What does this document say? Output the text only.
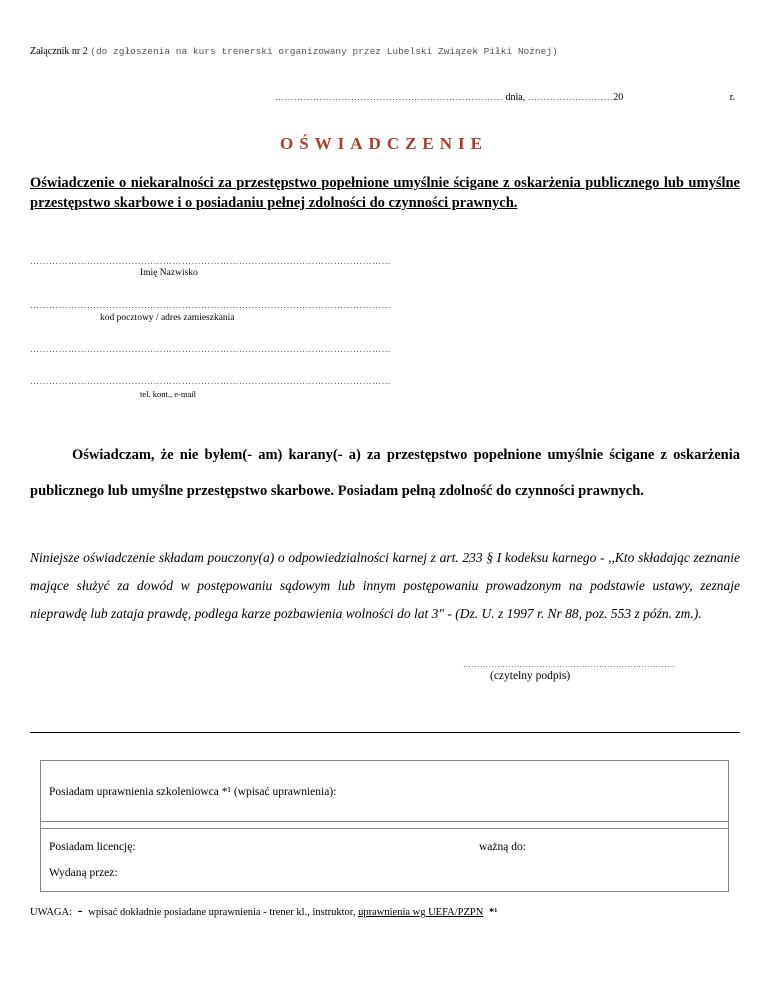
Załącznik nr 2 (do zgłoszenia na kurs trenerski organizowany przez Lubelski Związek Piłki Nożnej)
……………………………………………………………… dnia, ………………………20	r.
OŚWIADCZENIE
Oświadczenie o niekaralności za przestępstwo popełnione umyślnie ścigane z oskarżenia publicznego lub umyślne przestępstwo skarbowe i o posiadaniu pełnej zdolności do czynności prawnych.
……………………………………………………………………………………………………
Imię Nazwisko
……………………………………………………………………………………………………
kod pocztowy / adres zamieszkania
……………………………………………………………………………………………………
……………………………………………………………………………………………………
tel. kont., e-mail
Oświadczam, że nie byłem(- am) karany(- a) za przestępstwo popełnione umyślnie ścigane z oskarżenia publicznego lub umyślne przestępstwo skarbowe. Posiadam pełną zdolność do czynności prawnych.
Niniejsze oświadczenie składam pouczony(a) o odpowiedzialności karnej z art. 233 § I kodeksu karnego - ,,Kto składając zeznanie mające służyć za dowód w postępowaniu sądowym lub innym postępowaniu prowadzonym na podstawie ustawy, zeznaje nieprawdę lub zataja prawdę, podlega karze pozbawienia wolności do lat 3" - (Dz. U. z 1997 r. Nr 88, poz. 553 z późn. zm.).
…………………………………………………………………
(czytelny podpis)
Posiadam uprawnienia szkoleniowca *¹ (wpisać uprawnienia):
Posiadam licencję:	ważną do:
Wydaną przez:
UWAGA: - wpisać dokładnie posiadane uprawnienia - trener kl., instruktor, uprawnienia wg UEFA/PZPN *¹
